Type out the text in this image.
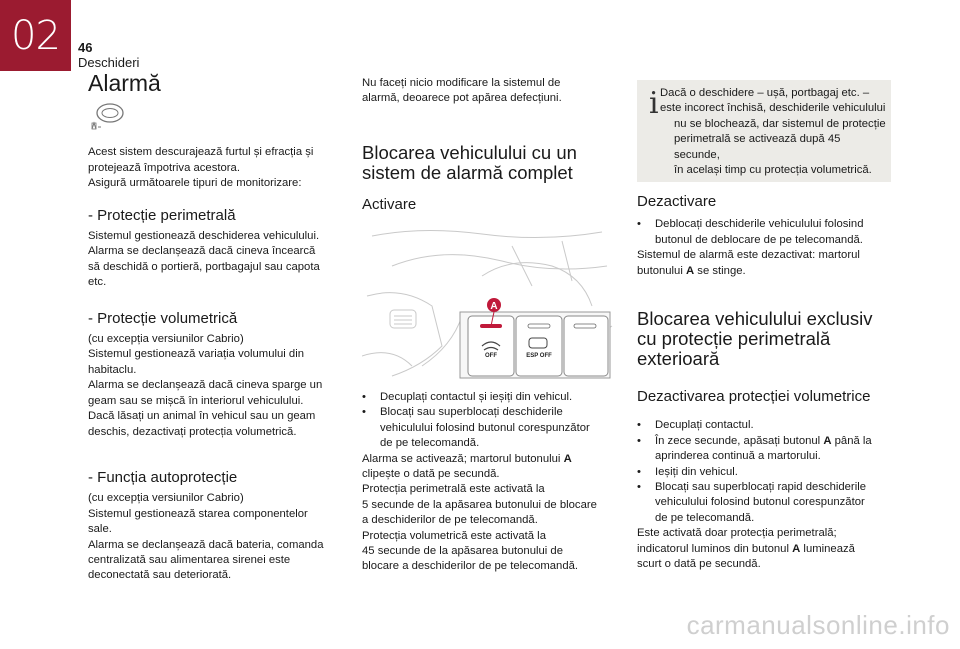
02 46
Deschideri
Alarmă

Acest sistem descurajează furtul și efracția și

protejează împotriva acestora.

Asigură următoarele tipuri de monitorizare:

- Protecție perimetrală

Sistemul gestionează deschiderea vehiculului.

Alarma se declanșează dacă cineva încearcă

să deschidă o portieră, portbagajul sau capota

etc.

- Protecție volumetrică

(cu excepția versiunilor Cabrio)

Sistemul gestionează variația volumului din

habitaclu.

Alarma se declanșează dacă cineva sparge un

geam sau se mișcă în interiorul vehiculului.

Dacă lăsați un animal în vehicul sau un geam

deschis, dezactivați protecția volumetrică.

- Funcția autoprotecție

(cu excepția versiunilor Cabrio)

Sistemul gestionează starea componentelor

sale.

Alarma se declanșează dacă bateria, comanda

centralizată sau alimentarea sirenei este

deconectată sau deteriorată.

Nu faceți nicio modificare la sistemul de

alarmă, deoarece pot apărea defecțiuni.

Blocarea vehiculului cu un

sistem de alarmă complet

Activare

OFF	ESP OFF
A
• Decuplați contactul și ieșiți din vehicul.

• Blocați sau superblocați deschiderile

vehiculului folosind butonul corespunzător

de pe telecomandă.

Alarma se activează; martorul butonului A

clipește o dată pe secundă.

Protecția perimetrală este activată la

5 secunde de la apăsarea butonului de blocare

a deschiderilor de pe telecomandă.

Protecția volumetrică este activată la

45 secunde de la apăsarea butonului de

blocare a deschiderilor de pe telecomandă.

i Dacă o deschidere – ușă, portbagaj etc. –

este incorect închisă, deschiderile vehiculului

nu se blochează, dar sistemul de protecție

perimetrală se activează după 45 secunde,

în același timp cu protecția volumetrică.

Dezactivare

• Deblocați deschiderile vehiculului folosind

butonul de deblocare de pe telecomandă.

Sistemul de alarmă este dezactivat: martorul

butonului A se stinge.

Blocarea vehiculului exclusiv

cu protecție perimetrală

exterioară

Dezactivarea protecției volumetrice

• Decuplați contactul.

• În zece secunde, apăsați butonul A până la

aprinderea continuă a martorului.

• Ieșiți din vehicul.

• Blocați sau superblocați rapid deschiderile

vehiculului folosind butonul corespunzător

de pe telecomandă.

Este activată doar protecția perimetrală;

indicatorul luminos din butonul A luminează

scurt o dată pe secundă.

carmanualsonline.info
